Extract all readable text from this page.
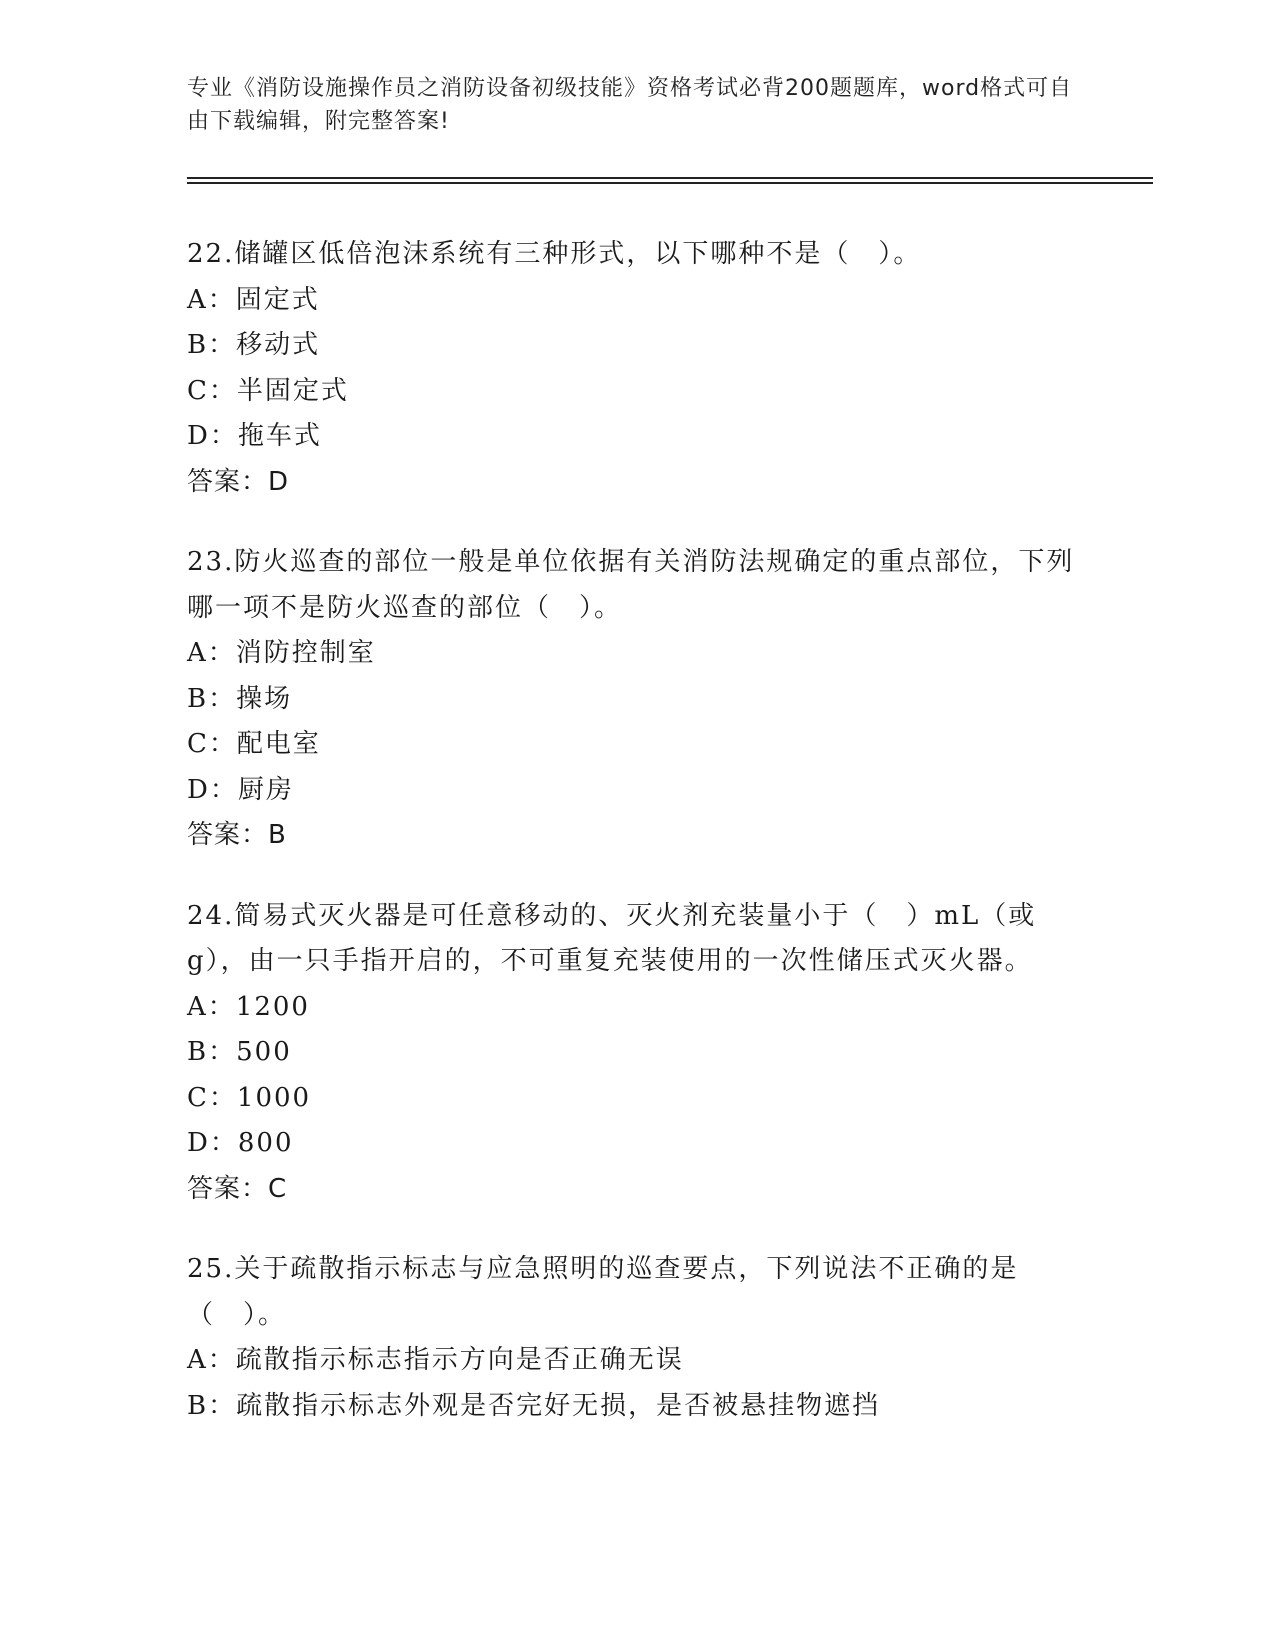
专业《消防设施操作员之消防设备初级技能》资格考试必背200题题库，word格式可自由下载编辑，附完整答案!
22.储罐区低倍泡沫系统有三种形式，以下哪种不是（　）。
A：固定式
B：移动式
C：半固定式
D：拖车式
答案：D
23.防火巡查的部位一般是单位依据有关消防法规确定的重点部位，下列哪一项不是防火巡查的部位（　）。
A：消防控制室
B：操场
C：配电室
D：厨房
答案：B
24.简易式灭火器是可任意移动的、灭火剂充装量小于（　）mL（或g），由一只手指开启的，不可重复充装使用的一次性储压式灭火器。
A：1200
B：500
C：1000
D：800
答案：C
25.关于疏散指示标志与应急照明的巡查要点，下列说法不正确的是（　）。
A：疏散指示标志指示方向是否正确无误
B：疏散指示标志外观是否完好无损，是否被悬挂物遮挡
